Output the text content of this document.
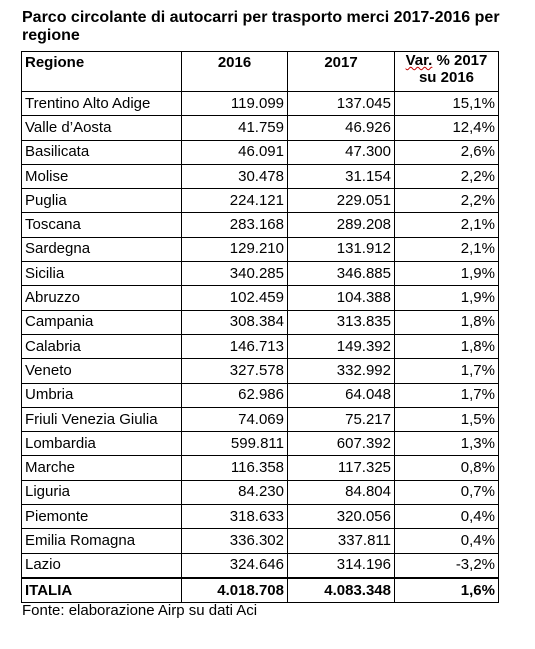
Parco circolante di autocarri per trasporto merci 2017-2016 per regione
Regione	2016	2017	Var. % 2017
su 2016
Trentino Alto Adige	119.099	137.045	15,1%
Valle d’Aosta	41.759	46.926	12,4%
Basilicata	46.091	47.300	2,6%
Molise	30.478	31.154	2,2%
Puglia	224.121	229.051	2,2%
Toscana	283.168	289.208	2,1%
Sardegna	129.210	131.912	2,1%
Sicilia	340.285	346.885	1,9%
Abruzzo	102.459	104.388	1,9%
Campania	308.384	313.835	1,8%
Calabria	146.713	149.392	1,8%
Veneto	327.578	332.992	1,7%
Umbria	62.986	64.048	1,7%
Friuli Venezia Giulia	74.069	75.217	1,5%
Lombardia	599.811	607.392	1,3%
Marche	116.358	117.325	0,8%
Liguria	84.230	84.804	0,7%
Piemonte	318.633	320.056	0,4%
Emilia Romagna	336.302	337.811	0,4%
Lazio	324.646	314.196	-3,2%
ITALIA	4.018.708	4.083.348	1,6%
Fonte: elaborazione Airp su dati Aci
